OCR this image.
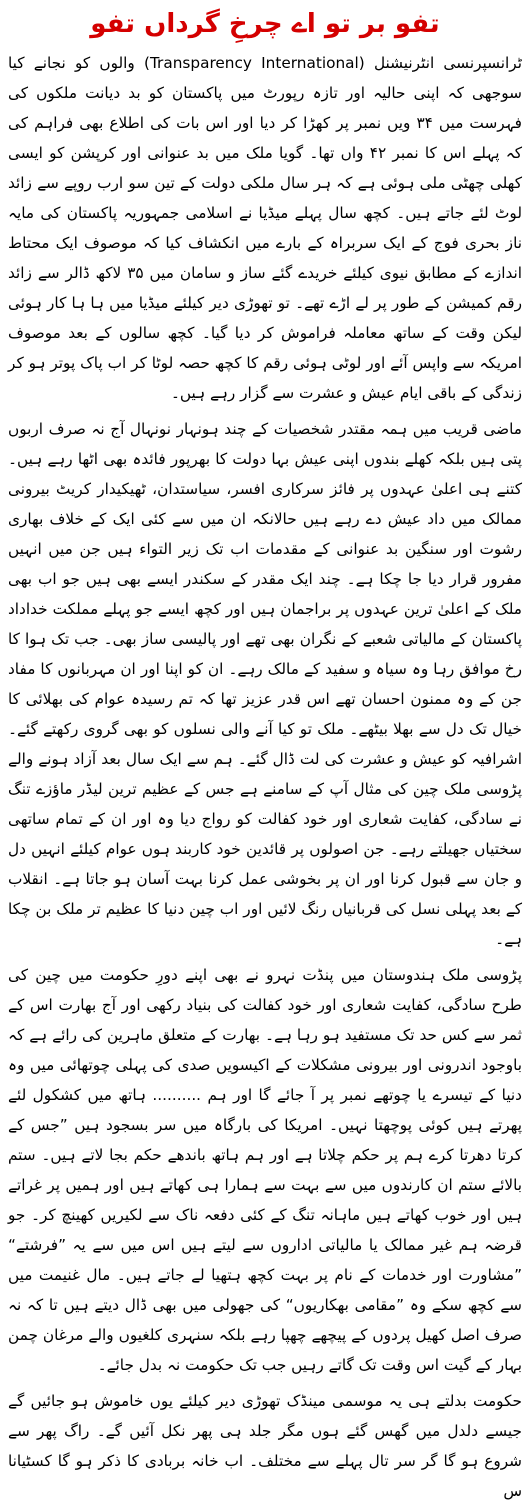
تفو بر تو اے چرخِ گرداں تفو

ٹرانسپرنسی انٹرنیشنل (Transparency International) والوں کو نجانے کیا سوجھی کہ اپنی حالیہ اور تازہ رپورٹ میں پاکستان کو بد دیانت ملکوں کی فہرست میں ۳۴ ویں نمبر پر کھڑا کر دیا اور اس بات کی اطلاع بھی فراہم کی کہ پہلے اس کا نمبر ۴۲ واں تھا۔ گویا ملک میں بد عنوانی اور کرپشن کو ایسی کھلی چھٹی ملی ہوئی ہے کہ ہر سال ملکی دولت کے تین سو ارب روپے سے زائد لوٹ لئے جاتے ہیں۔ کچھ سال پہلے میڈیا نے اسلامی جمہوریہ پاکستان کی مایہ ناز بحری فوج کے ایک سربراہ کے بارے میں انکشاف کیا کہ موصوف ایک محتاط اندازے کے مطابق نیوی کیلئے خریدے گئے ساز و سامان میں ۳۵ لاکھ ڈالر سے زائد رقم کمیشن کے طور پر لے اڑے تھے۔ تو تھوڑی دیر کیلئے میڈیا میں ہا ہا کار ہوئی لیکن وقت کے ساتھ معاملہ فراموش کر دیا گیا۔ کچھ سالوں کے بعد موصوف امریکہ سے واپس آئے اور لوٹی ہوئی رقم کا کچھ حصہ لوٹا کر اب پاک پوتر ہو کر زندگی کے باقی ایام عیش و عشرت سے گزار رہے ہیں۔

ماضی قریب میں ہمہ مقتدر شخصیات کے چند ہونہار نونہال آج نہ صرف اربوں پتی ہیں بلکہ کھلے بندوں اپنی عیش بہا دولت کا بھرپور فائدہ بھی اٹھا رہے ہیں۔ کتنے ہی اعلیٰ عہدوں پر فائز سرکاری افسر، سیاستدان، ٹھیکیدار کریٹ بیرونی ممالک میں داد عیش دے رہے ہیں حالانکہ ان میں سے کئی ایک کے خلاف بھاری رشوت اور سنگین بد عنوانی کے مقدمات اب تک زیر التواء ہیں جن میں انہیں مفرور قرار دیا جا چکا ہے۔ چند ایک مقدر کے سکندر ایسے بھی ہیں جو اب بھی ملک کے اعلیٰ ترین عہدوں پر براجمان ہیں اور کچھ ایسے جو پہلے مملکت خداداد پاکستان کے مالیاتی شعبے کے نگران بھی تھے اور پالیسی ساز بھی۔ جب تک ہوا کا رخ موافق رہا وہ سیاہ و سفید کے مالک رہے۔ ان کو اپنا اور ان مہربانوں کا مفاد جن کے وہ ممنون احسان تھے اس قدر عزیز تھا کہ تم رسیدہ عوام کی بھلائی کا خیال تک دل سے بھلا بیٹھے۔ ملک تو کیا آنے والی نسلوں کو بھی گروی رکھتے گئے۔ اشرافیہ کو عیش و عشرت کی لت ڈال گئے۔ ہم سے ایک سال بعد آزاد ہونے والے پڑوسی ملک چین کی مثال آپ کے سامنے ہے جس کے عظیم ترین لیڈر ماؤزے تنگ نے سادگی، کفایت شعاری اور خود کفالت کو رواج دیا وہ اور ان کے تمام ساتھی سختیاں جھیلتے رہے۔ جن اصولوں پر قائدین خود کاربند ہوں عوام کیلئے انہیں دل و جان سے قبول کرنا اور ان پر بخوشی عمل کرنا بہت آسان ہو جاتا ہے۔ انقلاب کے بعد پہلی نسل کی قربانیاں رنگ لائیں اور اب چین دنیا کا عظیم تر ملک بن چکا ہے۔

پڑوسی ملک ہندوستان میں پنڈت نہرو نے بھی اپنے دورِ حکومت میں چین کی طرح سادگی، کفایت شعاری اور خود کفالت کی بنیاد رکھی اور آج بھارت اس کے ثمر سے کس حد تک مستفید ہو رہا ہے۔ بھارت کے متعلق ماہرین کی رائے ہے کہ باوجود اندرونی اور بیرونی مشکلات کے اکیسویں صدی کی پہلی چوتھائی میں وہ دنیا کے تیسرے یا چوتھے نمبر پر آ جائے گا اور ہم .......... ہاتھ میں کشکول لئے پھرتے ہیں کوئی پوچھتا نہیں۔ امریکا کی بارگاہ میں سر بسجود ہیں ”جس کے کرتا دھرتا کرے ہم پر حکم چلاتا ہے اور ہم ہاتھ باندھے حکم بجا لاتے ہیں۔ ستم بالائے ستم ان کارندوں میں سے بہت سے ہمارا ہی کھاتے ہیں اور ہمیں پر غراتے ہیں اور خوب کھاتے ہیں ماہانہ تنگ کے کئی دفعہ ناک سے لکیریں کھینچ کر۔ جو قرضہ ہم غیر ممالک یا مالیاتی اداروں سے لیتے ہیں اس میں سے یہ ”فرشتے“ ”مشاورت اور خدمات کے نام پر بہت کچھ ہتھیا لے جاتے ہیں۔ مال غنیمت میں سے کچھ سکے وہ ”مقامی بھکاریوں“ کی جھولی میں بھی ڈال دیتے ہیں تا کہ نہ صرف اصل کھیل پردوں کے پیچھے چھپا رہے بلکہ سنہری کلغیوں والے مرغان چمن بہار کے گیت اس وقت تک گاتے رہیں جب تک حکومت نہ بدل جائے۔

حکومت بدلتے ہی یہ موسمی مینڈک تھوڑی دیر کیلئے یوں خاموش ہو جائیں گے جیسے دلدل میں گھس گئے ہوں مگر جلد ہی پھر نکل آئیں گے۔ راگ پھر سے شروع ہو گا گر سر تال پہلے سے مختلف۔ اب خانہ بربادی کا ذکر ہو گا کسٹیانا س
